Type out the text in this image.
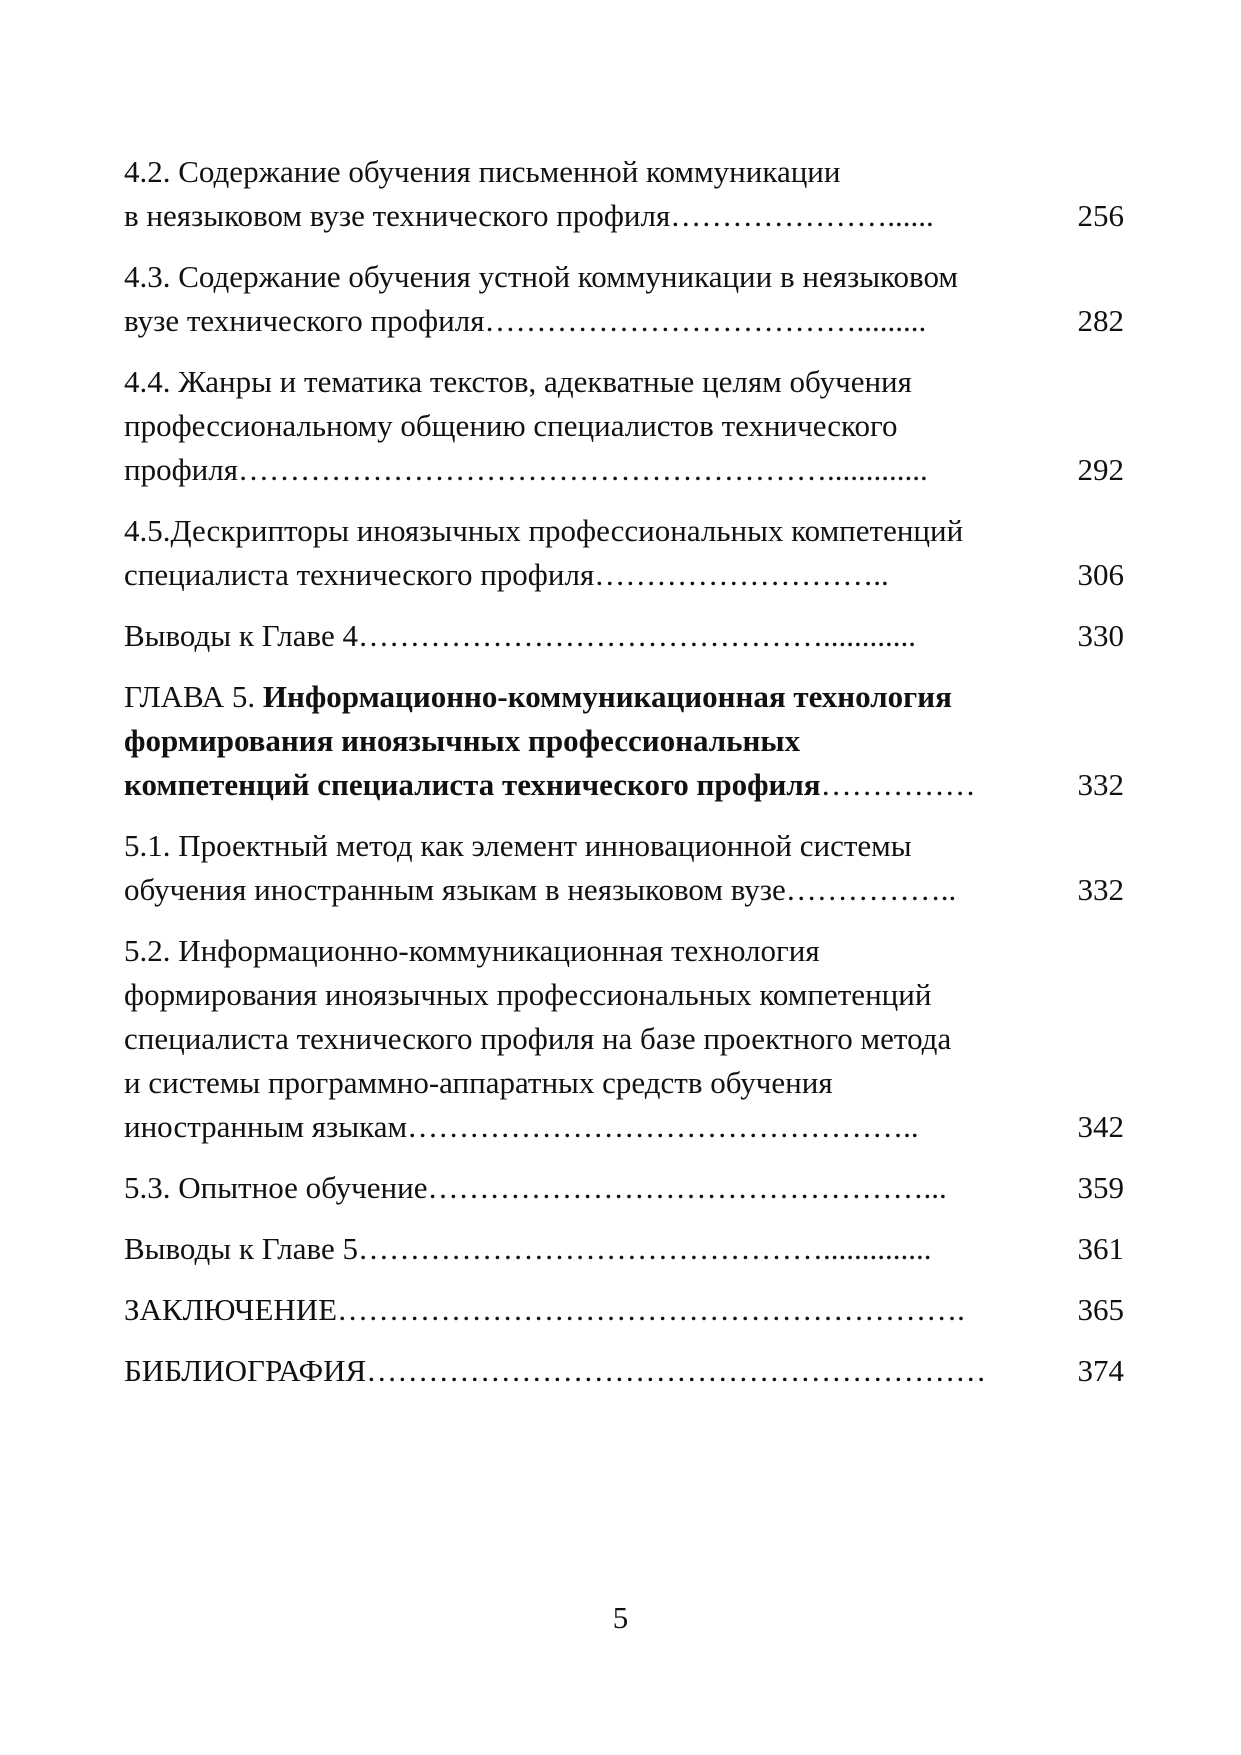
4.2. Содержание обучения письменной коммуникации
в неязыковом вузе технического профиля…………………......	256
4.3. Содержание обучения устной коммуникации в неязыковом
вузе технического профиля……………………………….........	282
4.4. Жанры и тематика текстов, адекватные целям обучения
профессиональному общению специалистов технического
профиля………………………………………………….............	292
4.5.Дескрипторы иноязычных профессиональных компетенций
специалиста технического профиля………………………..	306
Выводы к Главе 4………………………………………............	330
ГЛАВА 5. Информационно-коммуникационная технология
формирования иноязычных профессиональных
компетенций специалиста технического профиля……………	332
5.1. Проектный метод как элемент инновационной системы
обучения иностранным языкам в неязыковом вузе……………..	332
5.2. Информационно-коммуникационная технология
формирования иноязычных профессиональных компетенций
специалиста технического профиля на базе проектного метода
и системы программно-аппаратных средств обучения
иностранным языкам…………………………………………..	342
5.3. Опытное обучение…………………………………………...	359
Выводы к Главе 5………………………………………..............	361
ЗАКЛЮЧЕНИЕ…………………………………………………….	365
БИБЛИОГРАФИЯ……………………………………………………	374
5
